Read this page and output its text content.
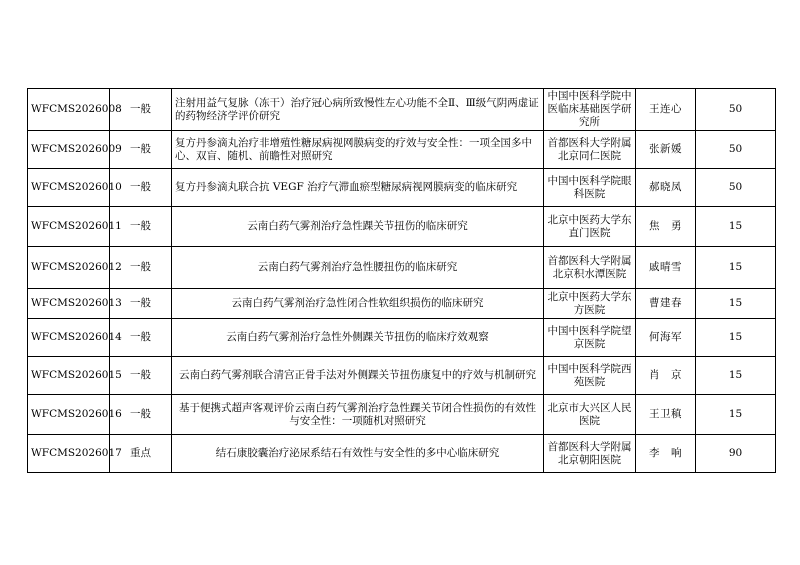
WFCMS2026008	一般	注射用益气复脉（冻干）治疗冠心病所致慢性左心功能不全Ⅱ、Ⅲ级气阴两虚证的药物经济学评价研究	中国中医科学院中医临床基础医学研究所	王连心	50
WFCMS2026009	一般	复方丹参滴丸治疗非增殖性糖尿病视网膜病变的疗效与安全性：一项全国多中心、双盲、随机、前瞻性对照研究	首都医科大学附属北京同仁医院	张新媛	50
WFCMS2026010	一般	复方丹参滴丸联合抗 VEGF 治疗气滞血瘀型糖尿病视网膜病变的临床研究	中国中医科学院眼科医院	郝晓凤	50
WFCMS2026011	一般	云南白药气雾剂治疗急性踝关节扭伤的临床研究	北京中医药大学东直门医院	焦　勇	15
WFCMS2026012	一般	云南白药气雾剂治疗急性腰扭伤的临床研究	首都医科大学附属北京积水潭医院	戚晴雪	15
WFCMS2026013	一般	云南白药气雾剂治疗急性闭合性软组织损伤的临床研究	北京中医药大学东方医院	曹建春	15
WFCMS2026014	一般	云南白药气雾剂治疗急性外侧踝关节扭伤的临床疗效观察	中国中医科学院望京医院	何海军	15
WFCMS2026015	一般	云南白药气雾剂联合清宫正骨手法对外侧踝关节扭伤康复中的疗效与机制研究	中国中医科学院西苑医院	肖　京	15
WFCMS2026016	一般	基于便携式超声客观评价云南白药气雾剂治疗急性踝关节闭合性损伤的有效性与安全性：一项随机对照研究	北京市大兴区人民医院	王卫稹	15
WFCMS2026017	重点	结石康胶囊治疗泌尿系结石有效性与安全性的多中心临床研究	首都医科大学附属北京朝阳医院	李　响	90
